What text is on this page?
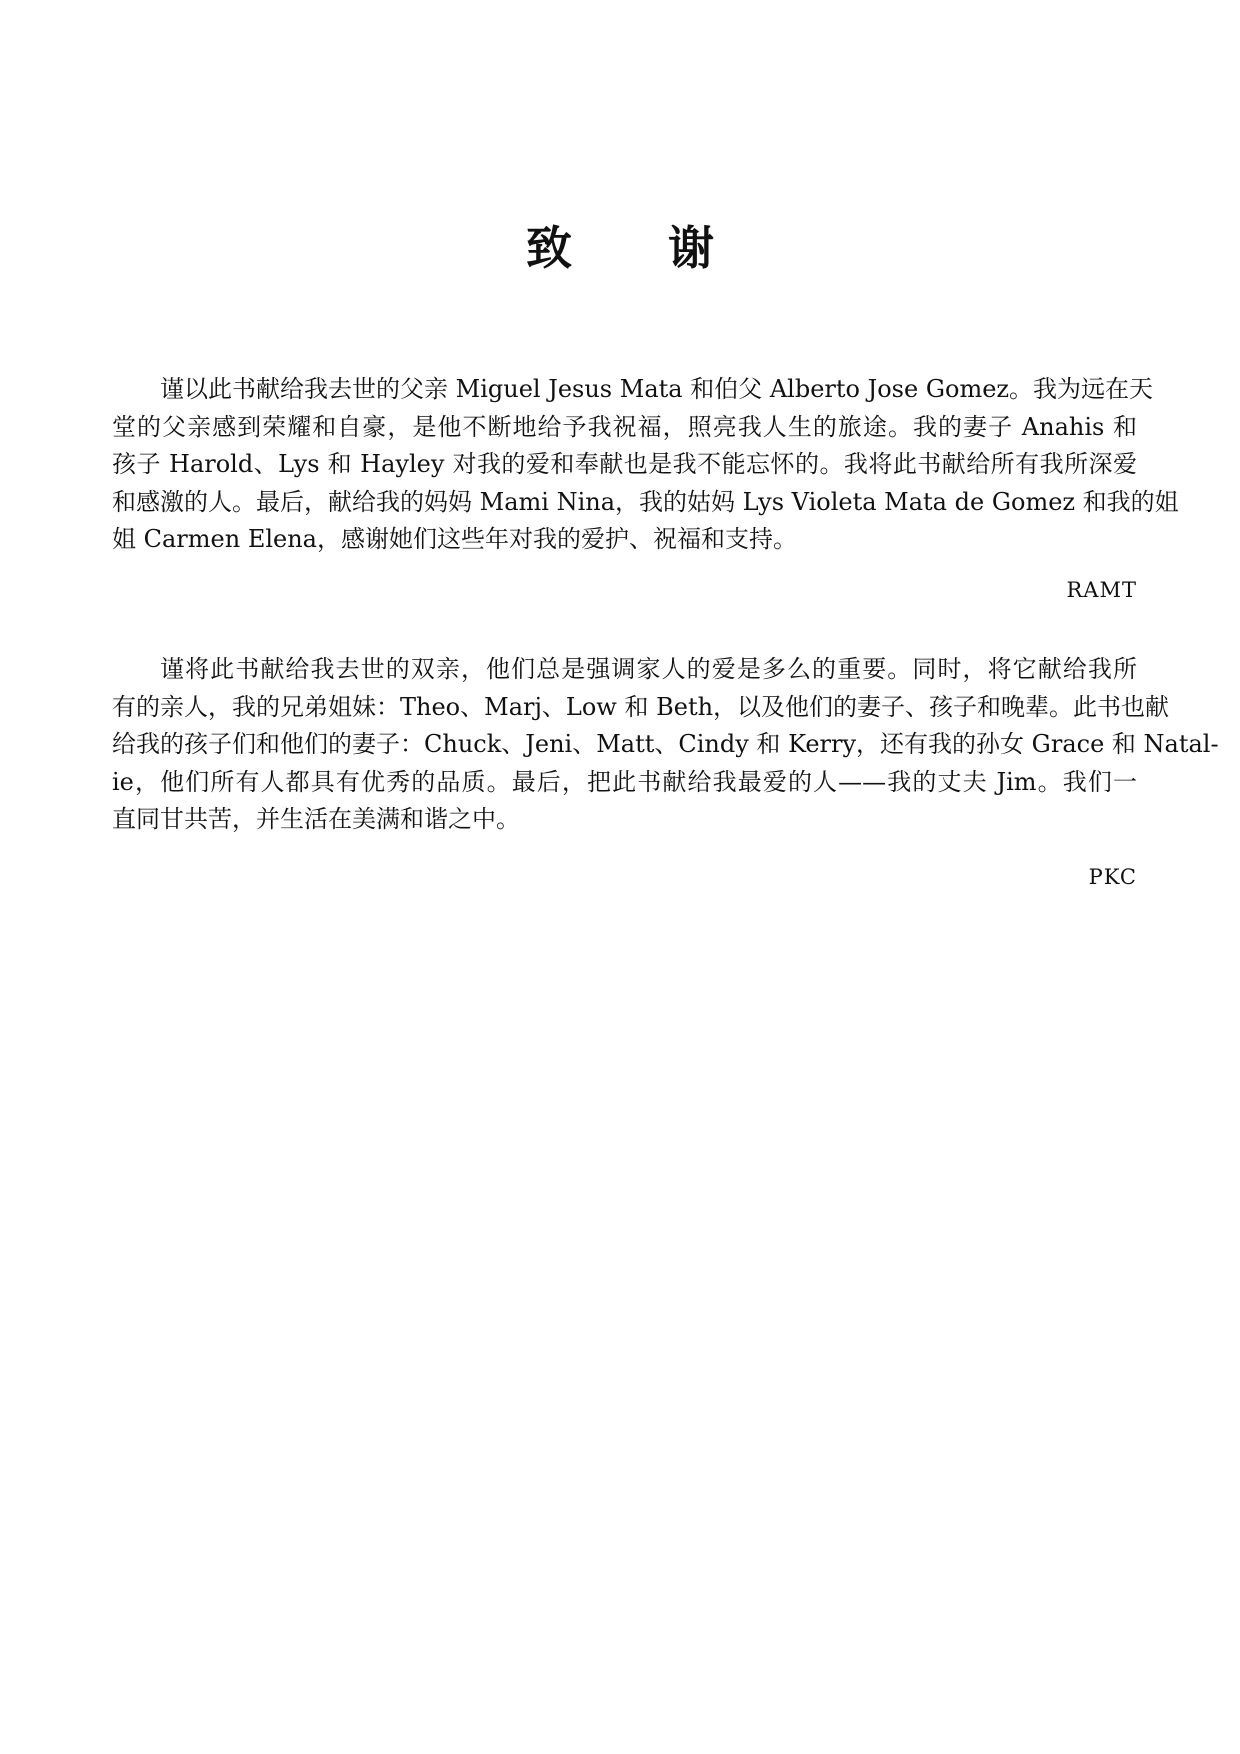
致 谢
谨以此书献给我去世的父亲 Miguel Jesus Mata 和伯父 Alberto Jose Gomez。我为远在天
堂的父亲感到荣耀和自豪，是他不断地给予我祝福，照亮我人生的旅途。我的妻子 Anahis 和
孩子 Harold、Lys 和 Hayley 对我的爱和奉献也是我不能忘怀的。我将此书献给所有我所深爱
和感激的人。最后，献给我的妈妈 Mami Nina，我的姑妈 Lys Violeta Mata de Gomez 和我的姐
姐 Carmen Elena，感谢她们这些年对我的爱护、祝福和支持。
RAMT
谨将此书献给我去世的双亲，他们总是强调家人的爱是多么的重要。同时，将它献给我所
有的亲人，我的兄弟姐妹：Theo、Marj、Low 和 Beth，以及他们的妻子、孩子和晚辈。此书也献
给我的孩子们和他们的妻子：Chuck、Jeni、Matt、Cindy 和 Kerry，还有我的孙女 Grace 和 Natal-
ie，他们所有人都具有优秀的品质。最后，把此书献给我最爱的人——我的丈夫 Jim。我们一
直同甘共苦，并生活在美满和谐之中。
PKC
